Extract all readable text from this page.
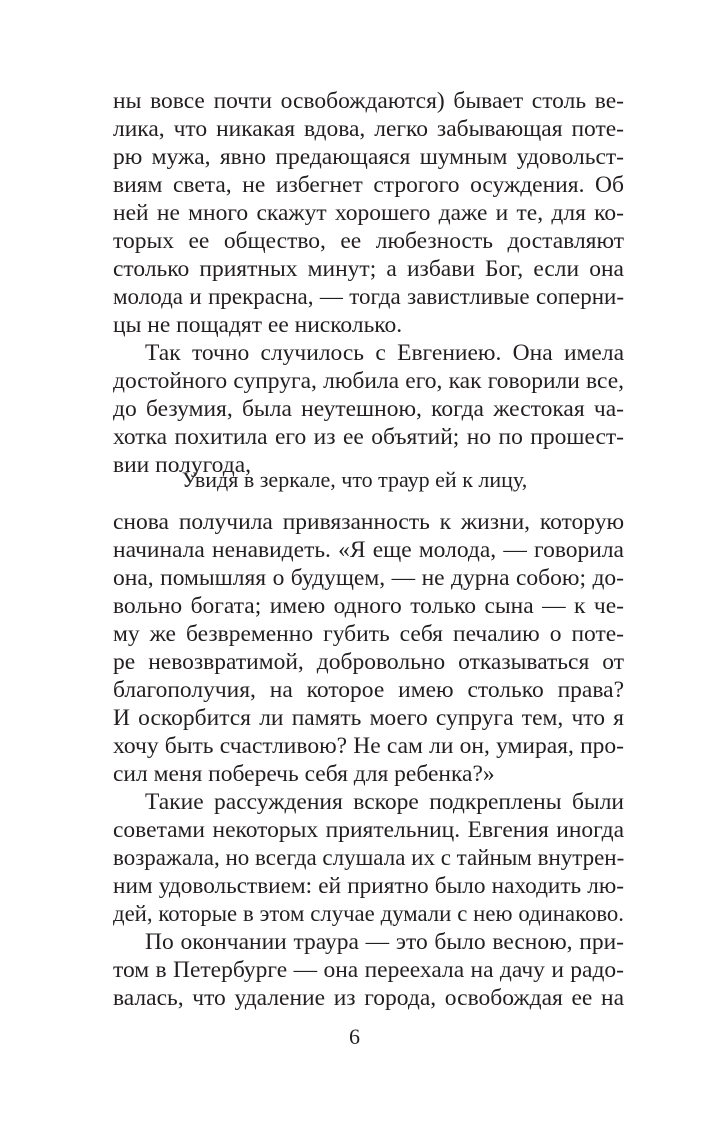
ны вовсе почти освобождаются) бывает столь ве-

лика, что никакая вдова, легко забывающая поте-

рю мужа, явно предающаяся шумным удовольст-

виям света, не избегнет строгого осуждения. Об

ней не много скажут хорошего даже и те, для ко-

торых ее общество, ее любезность доставляют

столько приятных минут; а избави Бог, если она

молода и прекрасна, — тогда завистливые соперни-

цы не пощадят ее нисколько.

Так точно случилось с Евгениею. Она имела

достойного супруга, любила его, как говорили все,

до безумия, была неутешною, когда жестокая ча-

хотка похитила его из ее объятий; но по прошест-

вии полугода,

Увидя в зеркале, что траур ей к лицу,

снова получила привязанность к жизни, которую

начинала ненавидеть. «Я еще молода, — говорила

она, помышляя о будущем, — не дурна собою; до-

вольно богата; имею одного только сына — к че-

му же безвременно губить себя печалию о поте-

ре невозвратимой, добровольно отказываться от

благополучия, на которое имею столько права?

И оскорбится ли память моего супруга тем, что я

хочу быть счастливою? Не сам ли он, умирая, про-

сил меня поберечь себя для ребенка?»

Такие рассуждения вскоре подкреплены были

советами некоторых приятельниц. Евгения иногда

возражала, но всегда слушала их с тайным внутрен-

ним удовольствием: ей приятно было находить лю-

дей, которые в этом случае думали с нею одинаково.

По окончании траура — это было весною, при-

том в Петербурге — она переехала на дачу и радо-

валась, что удаление из города, освобождая ее на

6
